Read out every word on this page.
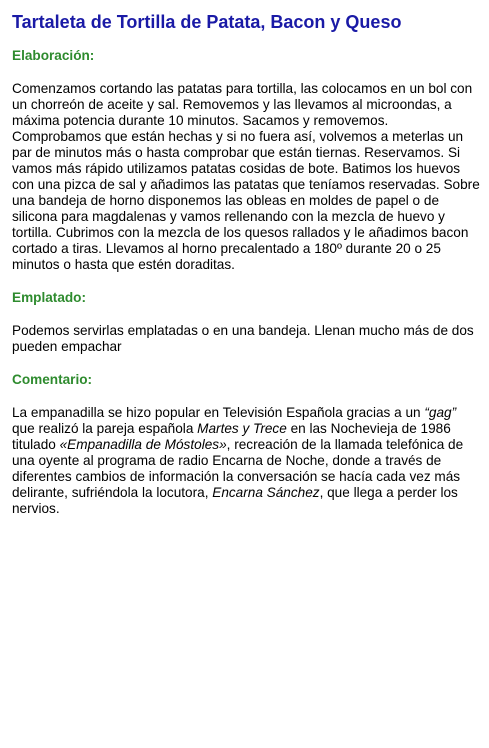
Tartaleta de Tortilla de Patata, Bacon y Queso
Elaboración:

Comenzamos cortando las patatas para tortilla, las colocamos en un bol con un chorreón de aceite y sal. Removemos y las llevamos al microondas, a máxima potencia durante 10 minutos. Sacamos y removemos. Comprobamos que están hechas y si no fuera así, volvemos a meterlas un par de minutos más o hasta comprobar que están tiernas. Reservamos. Si vamos más rápido utilizamos patatas cosidas de bote. Batimos los huevos con una pizca de sal y añadimos las patatas que teníamos reservadas. Sobre una bandeja de horno disponemos las obleas en moldes de papel o de silicona para magdalenas y vamos rellenando con la mezcla de huevo y tortilla. Cubrimos con la mezcla de los quesos rallados y le añadimos bacon cortado a tiras. Llevamos al horno precalentado a 180º durante 20 o 25 minutos o hasta que estén doraditas.

Emplatado:

Podemos servirlas emplatadas o en una bandeja. Llenan mucho más de dos pueden empachar

Comentario:

La empanadilla se hizo popular en Televisión Española gracias a un “gag” que realizó la pareja española Martes y Trece en las Nochevieja de 1986 titulado «Empanadilla de Móstoles», recreación de la llamada telefónica de una oyente al programa de radio Encarna de Noche, donde a través de diferentes cambios de información la conversación se hacía cada vez más delirante, sufriéndola la locutora, Encarna Sánchez, que llega a perder los nervios.
